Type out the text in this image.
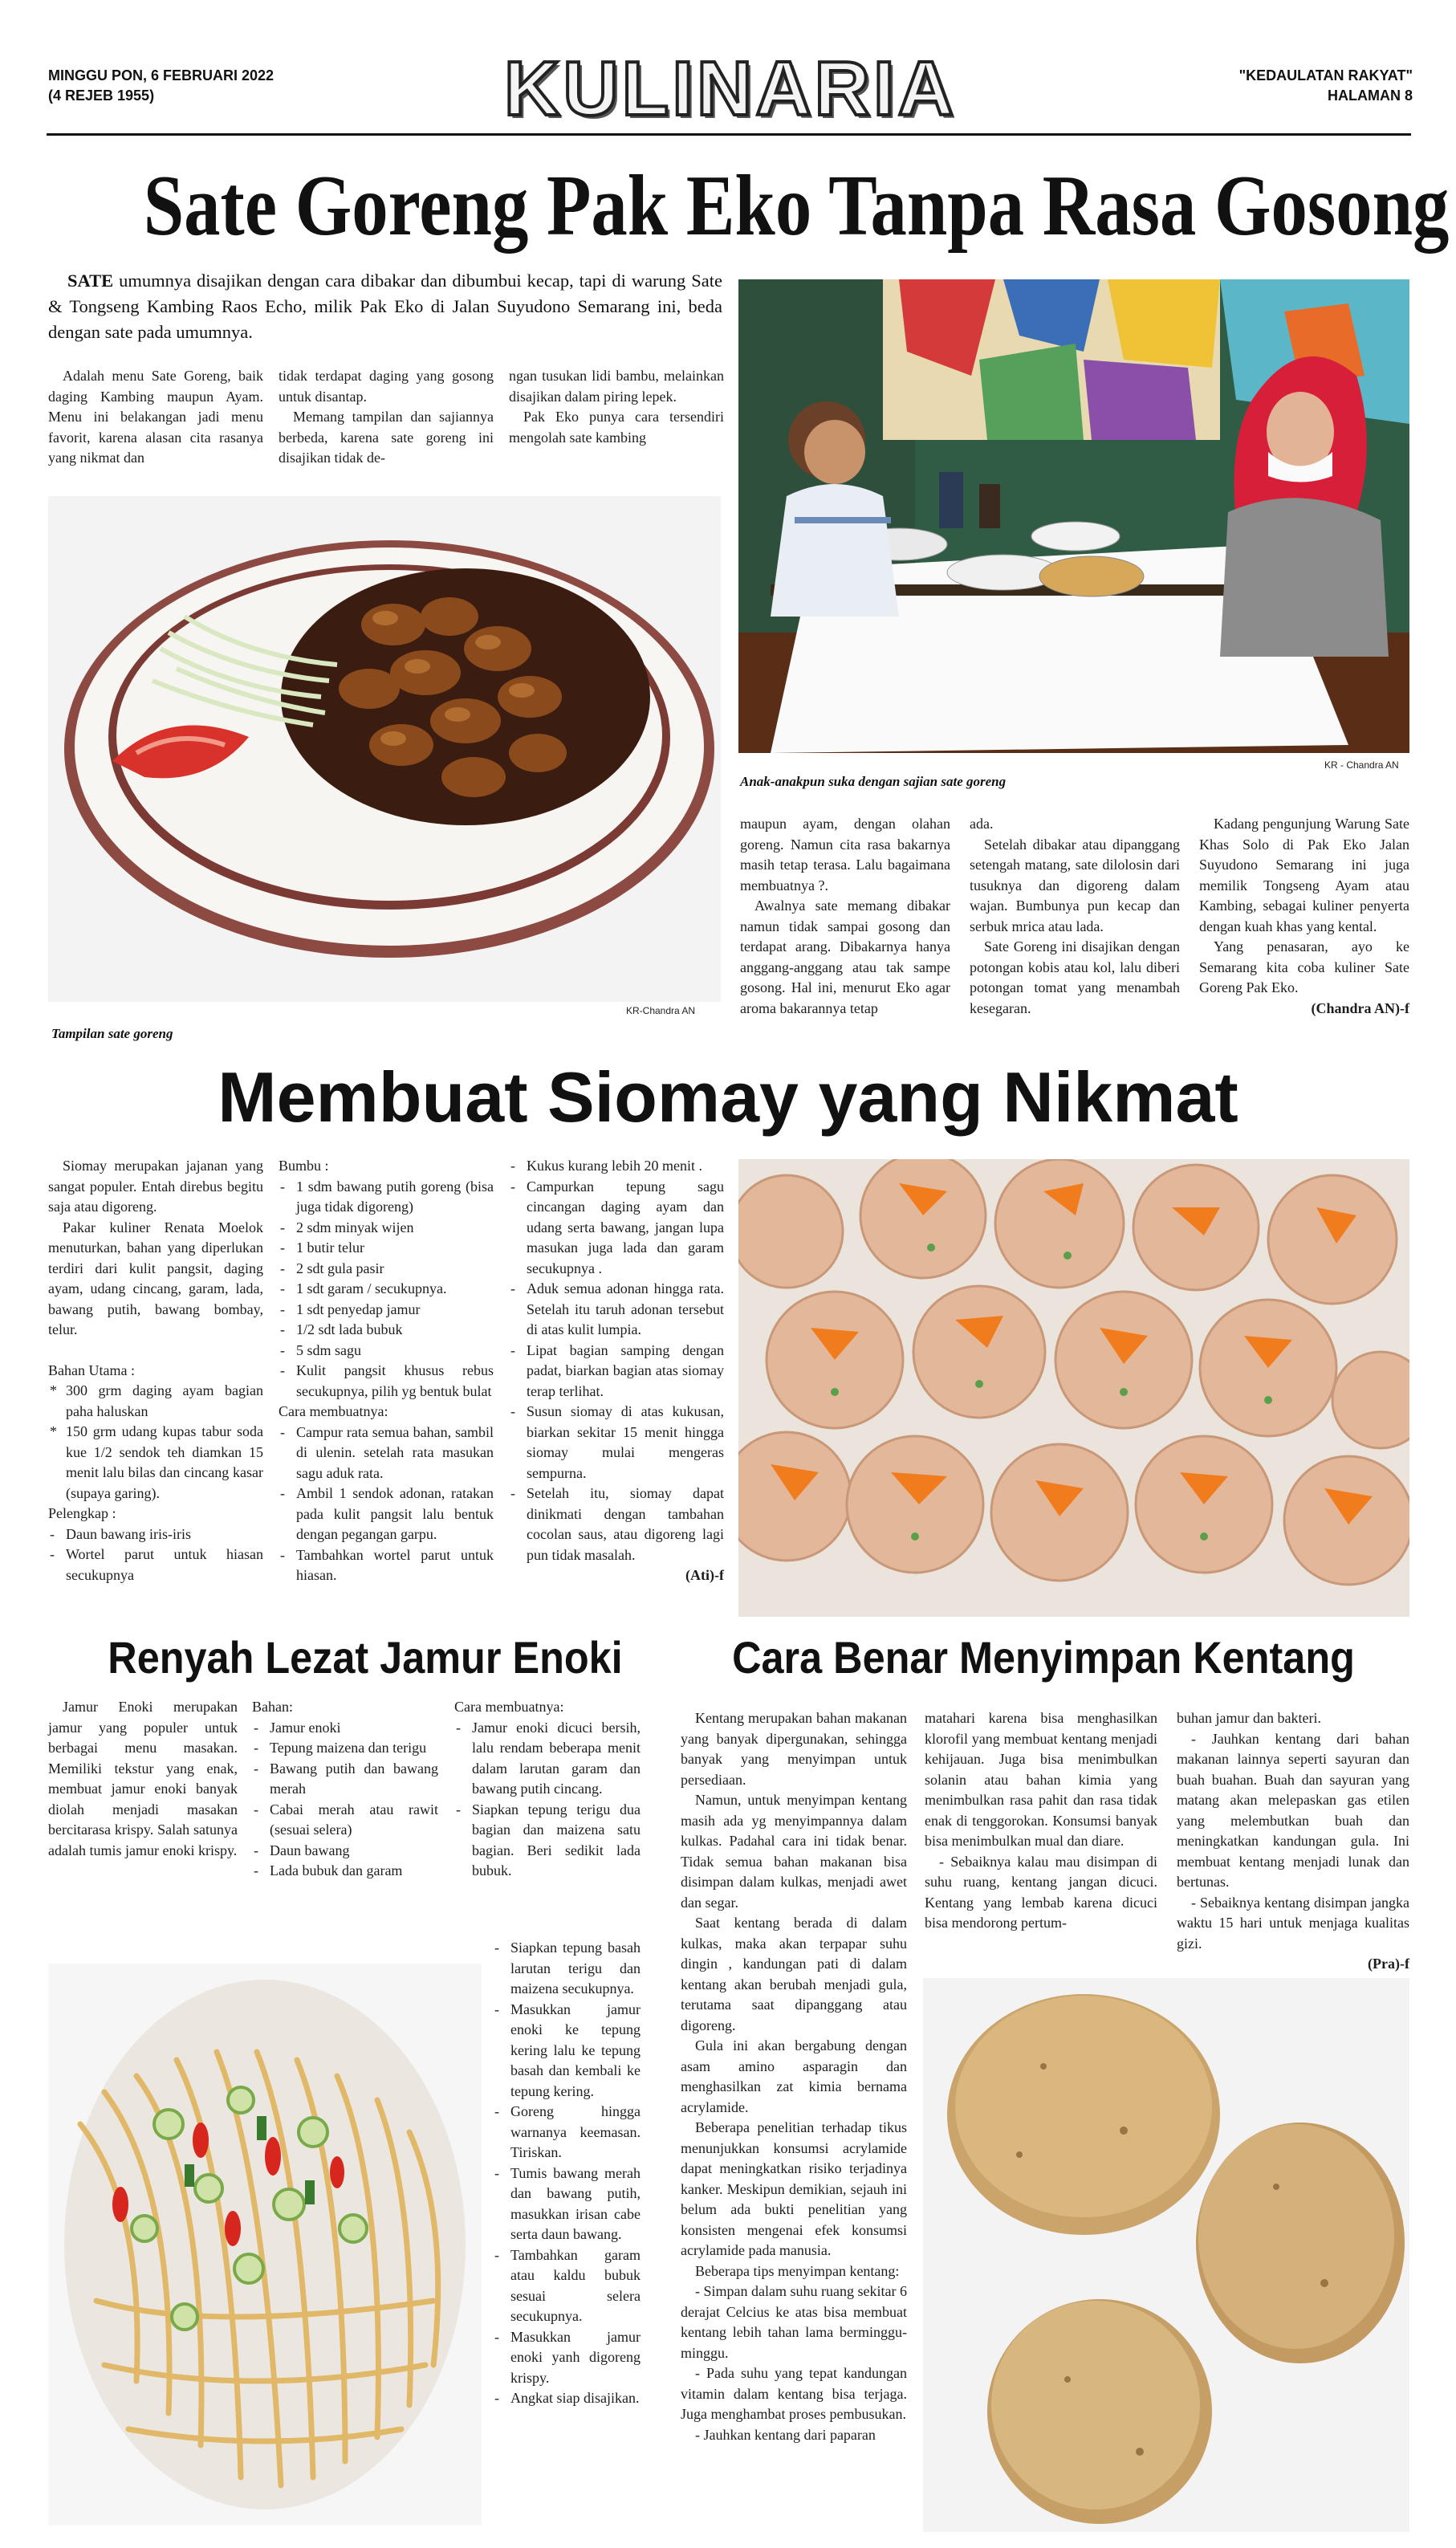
MINGGU PON, 6 FEBRUARI 2022
(4 REJEB 1955)	KULINARIA	"KEDAULATAN RAKYAT"
HALAMAN 8
Sate Goreng Pak Eko Tanpa Rasa Gosong
SATE umumnya disajikan dengan cara dibakar dan dibumbui kecap, tapi di warung Sate & Tongseng Kambing Raos Echo, milik Pak Eko di Jalan Suyudono Semarang ini, beda dengan sate pada umumnya.

Adalah menu Sate Goreng, baik daging Kambing maupun Ayam. Menu ini belakangan jadi menu favorit, karena alasan cita rasanya yang nikmat dan

tidak terdapat daging yang gosong untuk disantap.

Memang tampilan dan sajiannya berbeda, karena sate goreng ini disajikan tidak de-

ngan tusukan lidi bambu, melainkan disajikan dalam piring lepek.

Pak Eko punya cara tersendiri mengolah sate kambing

Tampilan sate goreng
KR-Chandra AN
Anak-anakpun suka dengan sajian sate goreng
KR - Chandra AN

maupun ayam, dengan olahan goreng. Namun cita rasa bakarnya masih tetap terasa. Lalu bagaimana membuatnya ?.

Awalnya sate memang dibakar namun tidak sampai gosong dan terdapat arang. Dibakarnya hanya anggang-anggang atau tak sampe gosong. Hal ini, menurut Eko agar aroma bakarannya tetap

ada.

Setelah dibakar atau dipanggang setengah matang, sate dilolosin dari tusuknya dan digoreng dalam wajan. Bumbunya pun kecap dan serbuk mrica atau lada.

Sate Goreng ini disajikan dengan potongan kobis atau kol, lalu diberi potongan tomat yang menambah kesegaran.

Kadang pengunjung Warung Sate Khas Solo di Pak Eko Jalan Suyudono Semarang ini juga memilik Tongseng Ayam atau Kambing, sebagai kuliner penyerta dengan kuah khas yang kental.

Yang penasaran, ayo ke Semarang kita coba kuliner Sate Goreng Pak Eko.

(Chandra AN)-f
Membuat Siomay yang Nikmat

Siomay merupakan jajanan yang sangat populer. Entah direbus begitu saja atau digoreng.

Pakar kuliner Renata Moelok menuturkan, bahan yang diperlukan terdiri dari kulit pangsit, daging ayam, udang cincang, garam, lada, bawang putih, bawang bombay, telur.

Bahan Utama :

* 300 grm daging ayam bagian paha haluskan
* 150 grm udang kupas tabur soda kue 1/2 sendok teh diamkan 15 menit lalu bilas dan cincang kasar (supaya garing).

Pelengkap :

- Daun bawang iris-iris
- Wortel parut untuk hiasan secukupnya

Bumbu :

- 1 sdm bawang putih goreng (bisa juga tidak digoreng)
- 2 sdm minyak wijen
- 1 butir telur
- 2 sdt gula pasir
- 1 sdt garam / secukupnya.
- 1 sdt penyedap jamur
- 1/2 sdt lada bubuk
- 5 sdm sagu
- Kulit pangsit khusus rebus secukupnya, pilih yg bentuk bulat

Cara membuatnya:

- Campur rata semua bahan, sambil di ulenin. setelah rata masukan sagu aduk rata.
- Ambil 1 sendok adonan, ratakan pada kulit pangsit lalu bentuk dengan pegangan garpu.
- Tambahkan wortel parut untuk hiasan.
- Kukus kurang lebih 20 menit .
- Campurkan tepung sagu cincangan daging ayam dan udang serta bawang, jangan lupa masukan juga lada dan garam secukupnya .
- Aduk semua adonan hingga rata. Setelah itu taruh adonan tersebut di atas kulit lumpia.
- Lipat bagian samping dengan padat, biarkan bagian atas siomay terap terlihat.
- Susun siomay di atas kukusan, biarkan sekitar 15 menit hingga siomay mulai mengeras sempurna.
- Setelah itu, siomay dapat dinikmati dengan tambahan cocolan saus, atau digoreng lagi pun tidak masalah.
(Ati)-f
Renyah Lezat Jamur Enoki

Jamur Enoki merupakan jamur yang populer untuk berbagai menu masakan. Memiliki tekstur yang enak, membuat jamur enoki banyak diolah menjadi masakan bercitarasa krispy. Salah satunya adalah tumis jamur enoki krispy.

Bahan:

- Jamur enoki
- Tepung maizena dan terigu
- Bawang putih dan bawang merah
- Cabai merah atau rawit (sesuai selera)
- Daun bawang
- Lada bubuk dan garam

Cara membuatnya:

- Jamur enoki dicuci bersih, lalu rendam beberapa menit dalam larutan garam dan bawang putih cincang.
- Siapkan tepung terigu dua bagian dan maizena satu bagian. Beri sedikit lada bubuk.
- Siapkan tepung basah larutan terigu dan maizena secukupnya.
- Masukkan jamur enoki ke tepung kering lalu ke tepung basah dan kembali ke tepung kering.
- Goreng hingga warnanya keemasan. Tiriskan.
- Tumis bawang merah dan bawang putih, masukkan irisan cabe serta daun bawang.
- Tambahkan garam atau kaldu bubuk sesuai selera secukupnya.
- Masukkan jamur enoki yanh digoreng krispy.
- Angkat siap disajikan.
Cara Benar Menyimpan Kentang

Kentang merupakan bahan makanan yang banyak dipergunakan, sehingga banyak yang menyimpan untuk persediaan.

Namun, untuk menyimpan kentang masih ada yg menyimpannya dalam kulkas. Padahal cara ini tidak benar. Tidak semua bahan makanan bisa disimpan dalam kulkas, menjadi awet dan segar.

Saat kentang berada di dalam kulkas, maka akan terpapar suhu dingin , kandungan pati di dalam kentang akan berubah menjadi gula, terutama saat dipanggang atau digoreng.

Gula ini akan bergabung dengan asam amino asparagin dan menghasilkan zat kimia bernama acrylamide.

Beberapa penelitian terhadap tikus menunjukkan konsumsi acrylamide dapat meningkatkan risiko terjadinya kanker. Meskipun demikian, sejauh ini belum ada bukti penelitian yang konsisten mengenai efek konsumsi acrylamide pada manusia.

Beberapa tips menyimpan kentang:

- Simpan dalam suhu ruang sekitar 6 derajat Celcius ke atas bisa membuat kentang lebih tahan lama berminggu-minggu.

- Pada suhu yang tepat kandungan vitamin dalam kentang bisa terjaga. Juga menghambat proses pembusukan.

- Jauhkan kentang dari paparan

matahari karena bisa menghasilkan klorofil yang membuat kentang menjadi kehijauan. Juga bisa menimbulkan solanin atau bahan kimia yang menimbulkan rasa pahit dan rasa tidak enak di tenggorokan. Konsumsi banyak bisa menimbulkan mual dan diare.

- Sebaiknya kalau mau disimpan di suhu ruang, kentang jangan dicuci. Kentang yang lembab karena dicuci bisa mendorong pertum-

buhan jamur dan bakteri.

- Jauhkan kentang dari bahan makanan lainnya seperti sayuran dan buah buahan. Buah dan sayuran yang matang akan melepaskan gas etilen yang melembutkan buah dan meningkatkan kandungan gula. Ini membuat kentang menjadi lunak dan bertunas.

- Sebaiknya kentang disimpan jangka waktu 15 hari untuk menjaga kualitas gizi.

(Pra)-f
